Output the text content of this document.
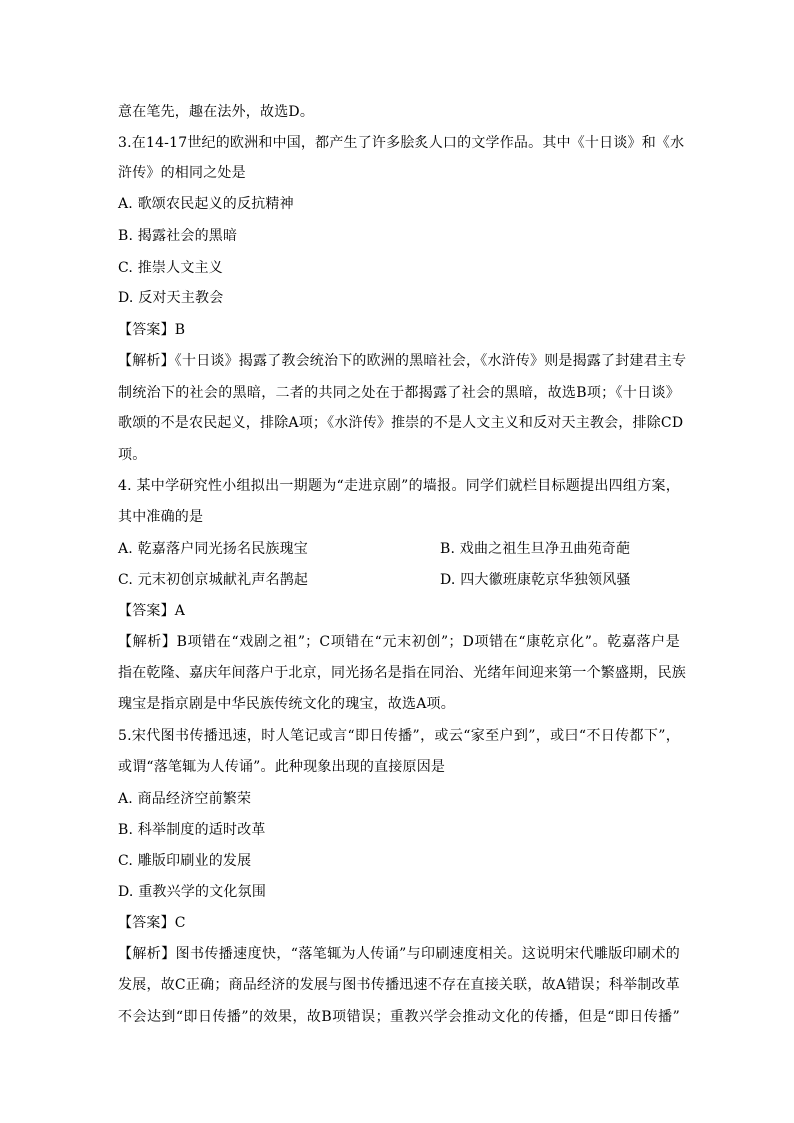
意在笔先，趣在法外，故选D。
3.在14-17世纪的欧洲和中国，都产生了许多脍炙人口的文学作品。其中《十日谈》和《水
浒传》的相同之处是
A. 歌颂农民起义的反抗精神
B. 揭露社会的黑暗
C. 推崇人文主义
D. 反对天主教会
【答案】B
【解析】《十日谈》揭露了教会统治下的欧洲的黑暗社会，《水浒传》则是揭露了封建君主专
制统治下的社会的黑暗，二者的共同之处在于都揭露了社会的黑暗，故选B项；《十日谈》
歌颂的不是农民起义，排除A项；《水浒传》推崇的不是人文主义和反对天主教会，排除CD
项。
4. 某中学研究性小组拟出一期题为“走进京剧”的墙报。同学们就栏目标题提出四组方案，
其中准确的是
A. 乾嘉落户同光扬名民族瑰宝	B. 戏曲之祖生旦净丑曲苑奇葩
C. 元末初创京城献礼声名鹊起	D. 四大徽班康乾京华独领风骚
【答案】A
【解析】B项错在“戏剧之祖”；C项错在“元末初创”；D项错在“康乾京化”。乾嘉落户是
指在乾隆、嘉庆年间落户于北京，同光扬名是指在同治、光绪年间迎来第一个繁盛期，民族
瑰宝是指京剧是中华民族传统文化的瑰宝，故选A项。
5.宋代图书传播迅速，时人笔记或言“即日传播”，或云“家至户到”，或曰“不日传都下”，
或谓“落笔辄为人传诵”。此种现象出现的直接原因是
A. 商品经济空前繁荣
B. 科举制度的适时改革
C. 雕版印刷业的发展
D. 重教兴学的文化氛围
【答案】C
【解析】图书传播速度快，“落笔辄为人传诵”与印刷速度相关。这说明宋代雕版印刷术的
发展，故C正确；商品经济的发展与图书传播迅速不存在直接关联，故A错误；科举制改革
不会达到“即日传播”的效果，故B项错误；重教兴学会推动文化的传播，但是“即日传播”
